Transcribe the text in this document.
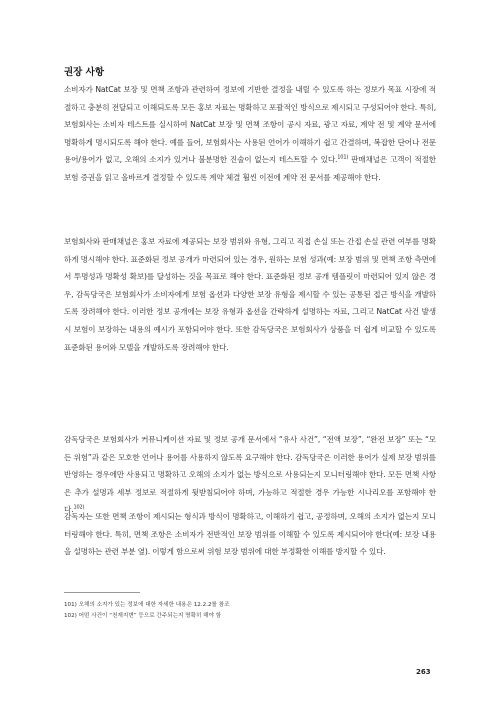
권장 사항
소비자가 NatCat 보장 및 면책 조항과 관련하여 정보에 기반한 결정을 내릴 수 있도록 하는 정보가 목표 시장에 적절하고 충분히 전달되고 이해되도록 모든 홍보 자료는 명확하고 포괄적인 방식으로 제시되고 구성되어야 한다. 특히, 보험회사는 소비자 테스트를 실시하여 NatCat 보장 및 면책 조항이 공시 자료, 광고 자료, 계약 전 및 계약 문서에 명확하게 명시되도록 해야 한다. 예를 들어, 보험회사는 사용된 언어가 이해하기 쉽고 간결하며, 복잡한 단어나 전문 용어/용어가 없고, 오해의 소지가 있거나 불분명한 진술이 없는지 테스트할 수 있다.$^{101)}$ 판매채널은 고객이 적절한 보험 증권을 읽고 올바르게 결정할 수 있도록 계약 체결 훨씬 이전에 계약 전 문서를 제공해야 한다.
보험회사와 판매채널은 홍보 자료에 제공되는 보장 범위와 유형, 그리고 직접 손실 또는 간접 손실 관련 여부를 명확하게 명시해야 한다. 표준화된 정보 공개가 마련되어 있는 경우, 원하는 보험 성과(예: 보장 범위 및 면책 조항 측면에서 투명성과 명확성 확보)를 달성하는 것을 목표로 해야 한다. 표준화된 정보 공개 템플릿이 마련되어 있지 않은 경우, 감독당국은 보험회사가 소비자에게 보험 옵션과 다양한 보장 유형을 제시할 수 있는 공통된 접근 방식을 개발하도록 장려해야 한다. 이러한 정보 공개에는 보장 유형과 옵션을 간략하게 설명하는 자료, 그리고 NatCat 사건 발생 시 보험이 보장하는 내용의 예시가 포함되어야 한다. 또한 감독당국은 보험회사가 상품을 더 쉽게 비교할 수 있도록 표준화된 용어와 모델을 개발하도록 장려해야 한다.
감독당국은 보험회사가 커뮤니케이션 자료 및 정보 공개 문서에서 “유사 사건”, “전액 보장”, “완전 보장” 또는 “모든 위험”과 같은 모호한 언어나 용어를 사용하지 않도록 요구해야 한다. 감독당국은 이러한 용어가 실제 보장 범위를 반영하는 경우에만 사용되고 명확하고 오해의 소지가 없는 방식으로 사용되는지 모니터링해야 한다. 모든 면책 사항은 추가 설명과 세부 정보로 적절하게 뒷받침되어야 하며, 가능하고 적절한 경우 가능한 시나리오를 포함해야 한다.$^{102)}$
감독자는 또한 면책 조항이 제시되는 형식과 방식이 명확하고, 이해하기 쉽고, 공정하며, 오해의 소지가 없는지 모니터링해야 한다. 특히, 면책 조항은 소비자가 전반적인 보장 범위를 이해할 수 있도록 제시되어야 한다(예: 보장 내용을 설명하는 관련 부분 옆). 이렇게 함으로써 위험 보장 범위에 대한 부정확한 이해를 방지할 수 있다.
101) 오해의 소지가 있는 정보에 대한 자세한 내용은 12.2.2를 참조
102) 어떤 사건이 “천재지변” 등으로 간주되는지 명확히 해야 함
263
